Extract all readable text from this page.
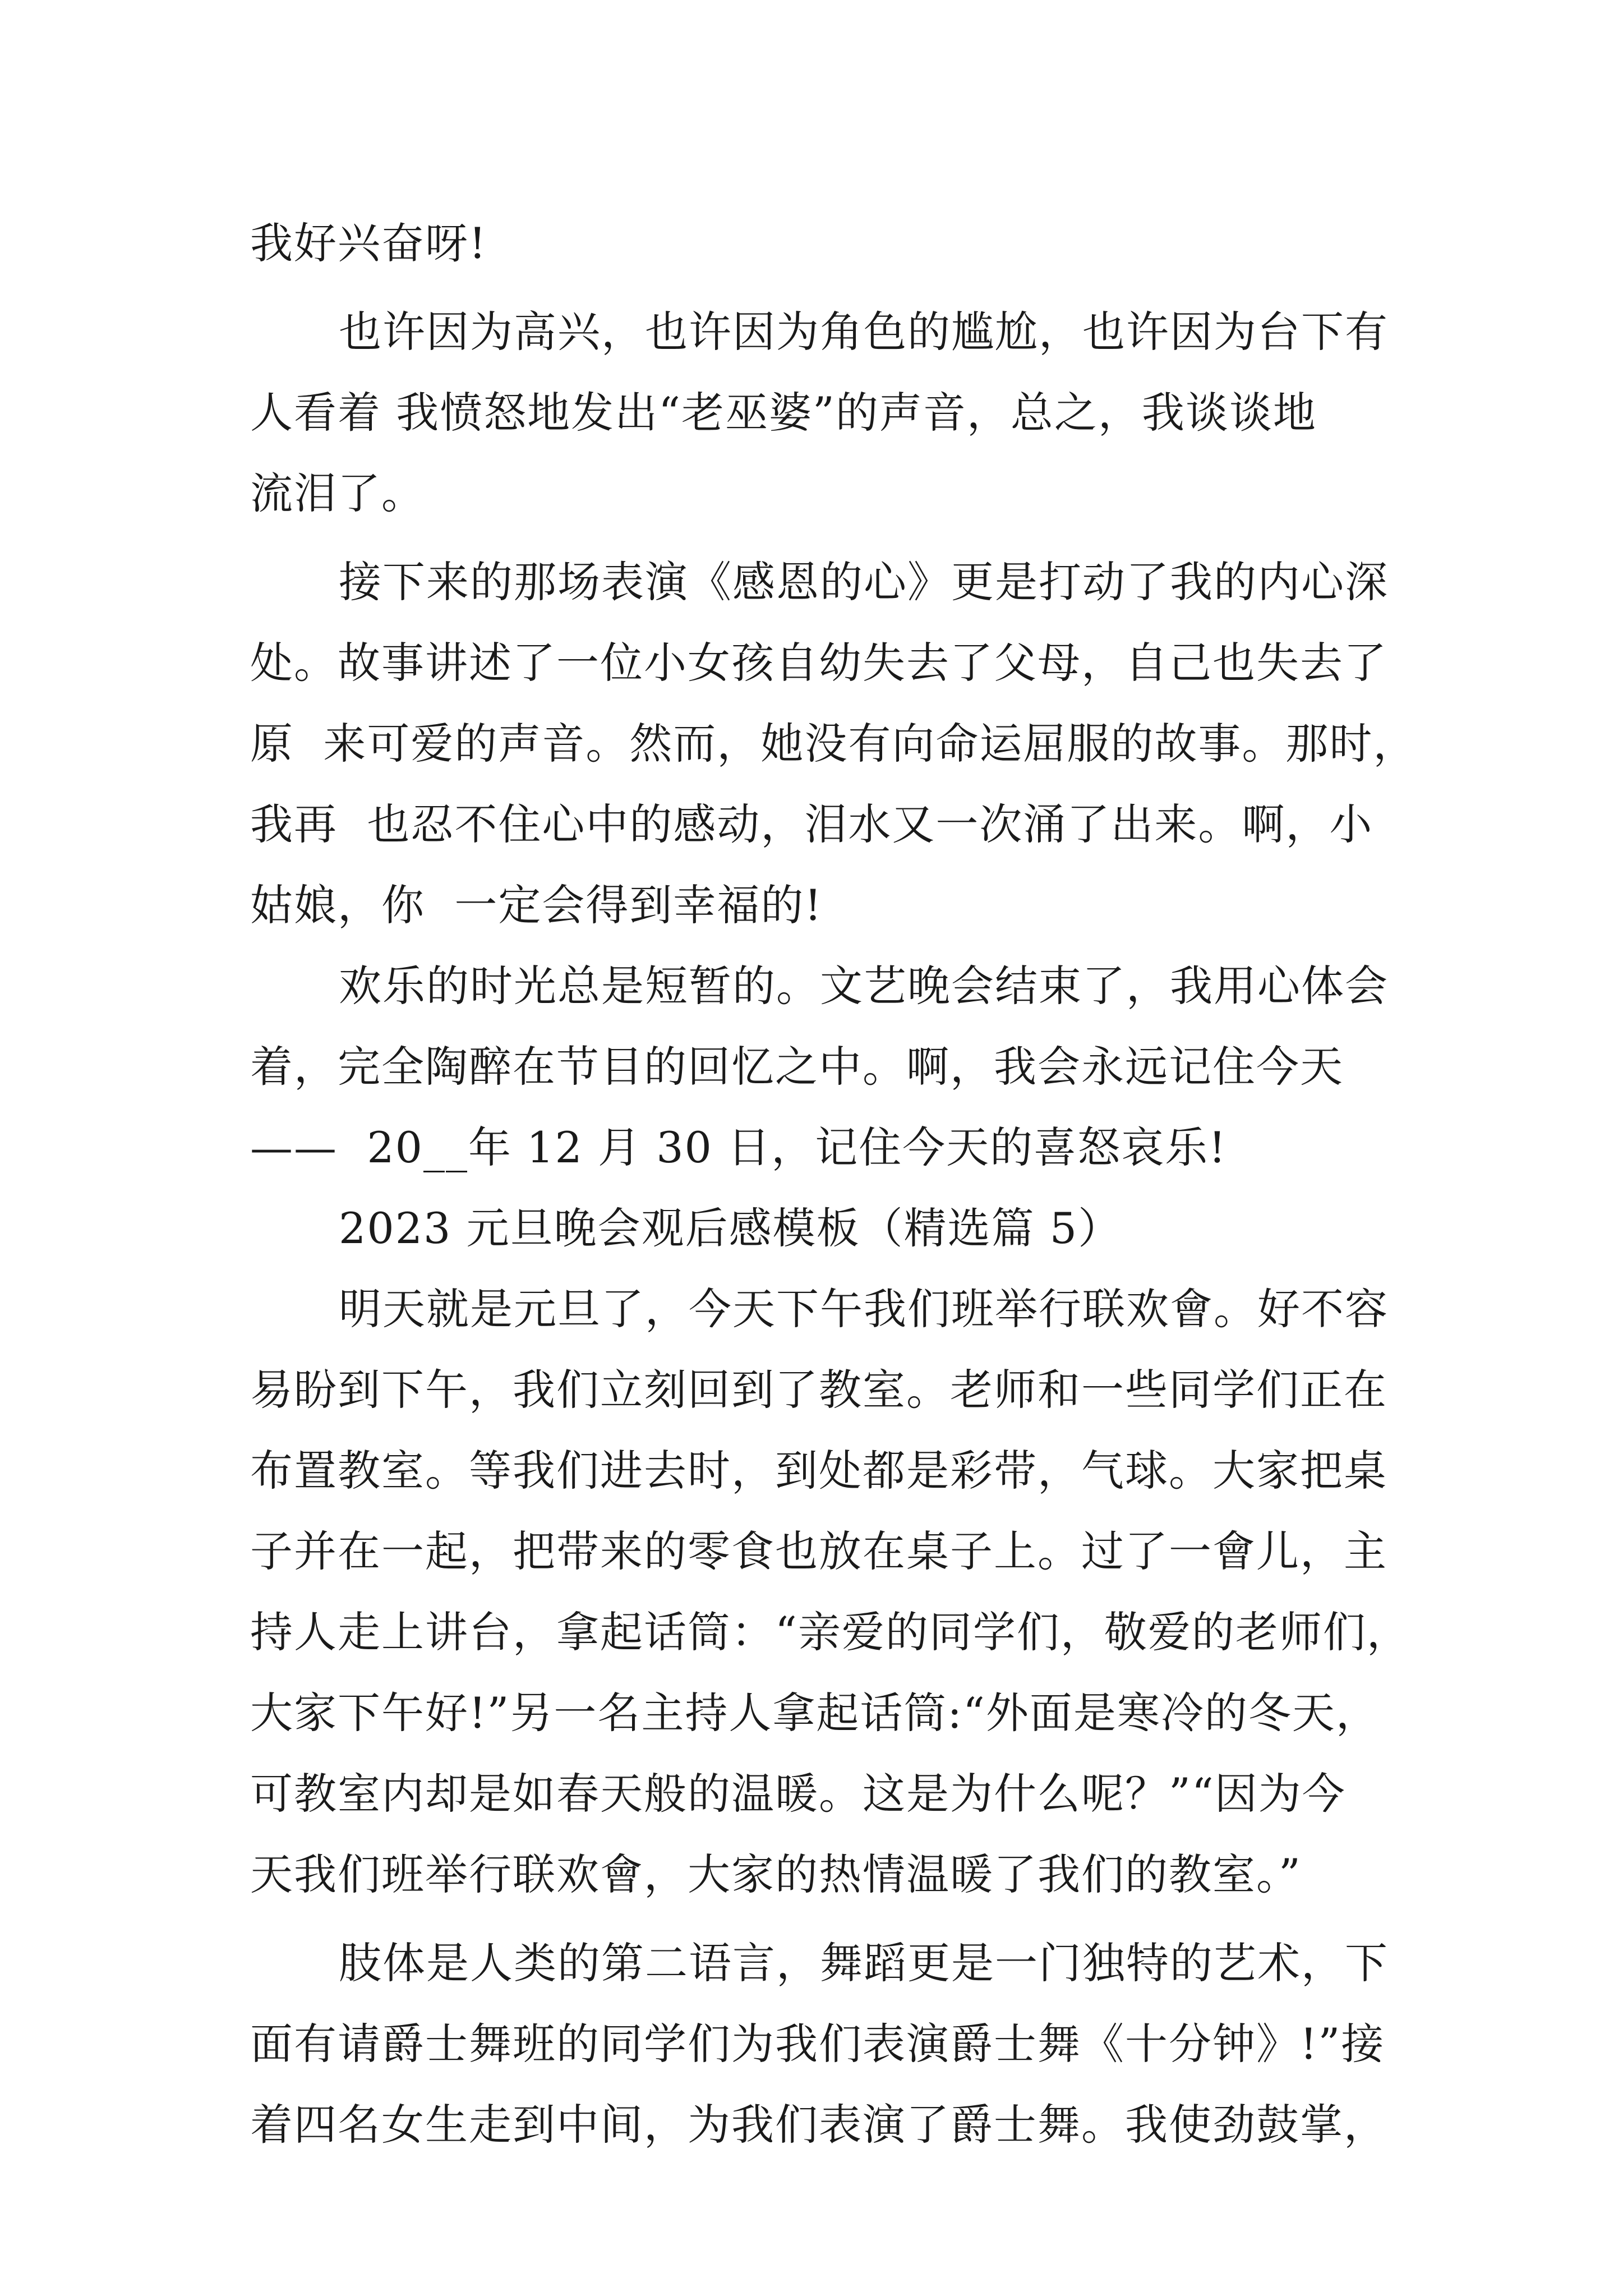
我好兴奋呀!
也许因为高兴，也许因为角色的尴尬，也许因为台下有
人看着 我愤怒地发出“老巫婆”的声音，总之，我谈谈地
流泪了。
接下来的那场表演《感恩的心》更是打动了我的内心深
处。故事讲述了一位小女孩自幼失去了父母，自己也失去了
原  来可爱的声音。然而，她没有向命运屈服的故事。那时，
我再  也忍不住心中的感动，泪水又一次涌了出来。啊，小
姑娘，你  一定会得到幸福的!
欢乐的时光总是短暂的。文艺晚会结束了，我用心体会
着，完全陶醉在节目的回忆之中。啊，我会永远记住今天
——  20__年 12 月 30 日，记住今天的喜怒哀乐!
2023 元旦晚会观后感模板（精选篇 5）
明天就是元旦了，今天下午我们班举行联欢會。好不容
易盼到下午，我们立刻回到了教室。老师和一些同学们正在
布置教室。等我们进去时，到处都是彩带，气球。大家把桌
子并在一起，把带来的零食也放在桌子上。过了一會儿，主
持人走上讲台，拿起话筒：“亲爱的同学们，敬爱的老师们，
大家下午好!”另一名主持人拿起话筒:“外面是寒冷的冬天，
可教室内却是如春天般的温暖。这是为什么呢？”“因为今
天我们班举行联欢會，大家的热情温暖了我们的教室。”
肢体是人类的第二语言，舞蹈更是一门独特的艺术，下
面有请爵士舞班的同学们为我们表演爵士舞《十分钟》!”接
着四名女生走到中间，为我们表演了爵士舞。我使劲鼓掌，
